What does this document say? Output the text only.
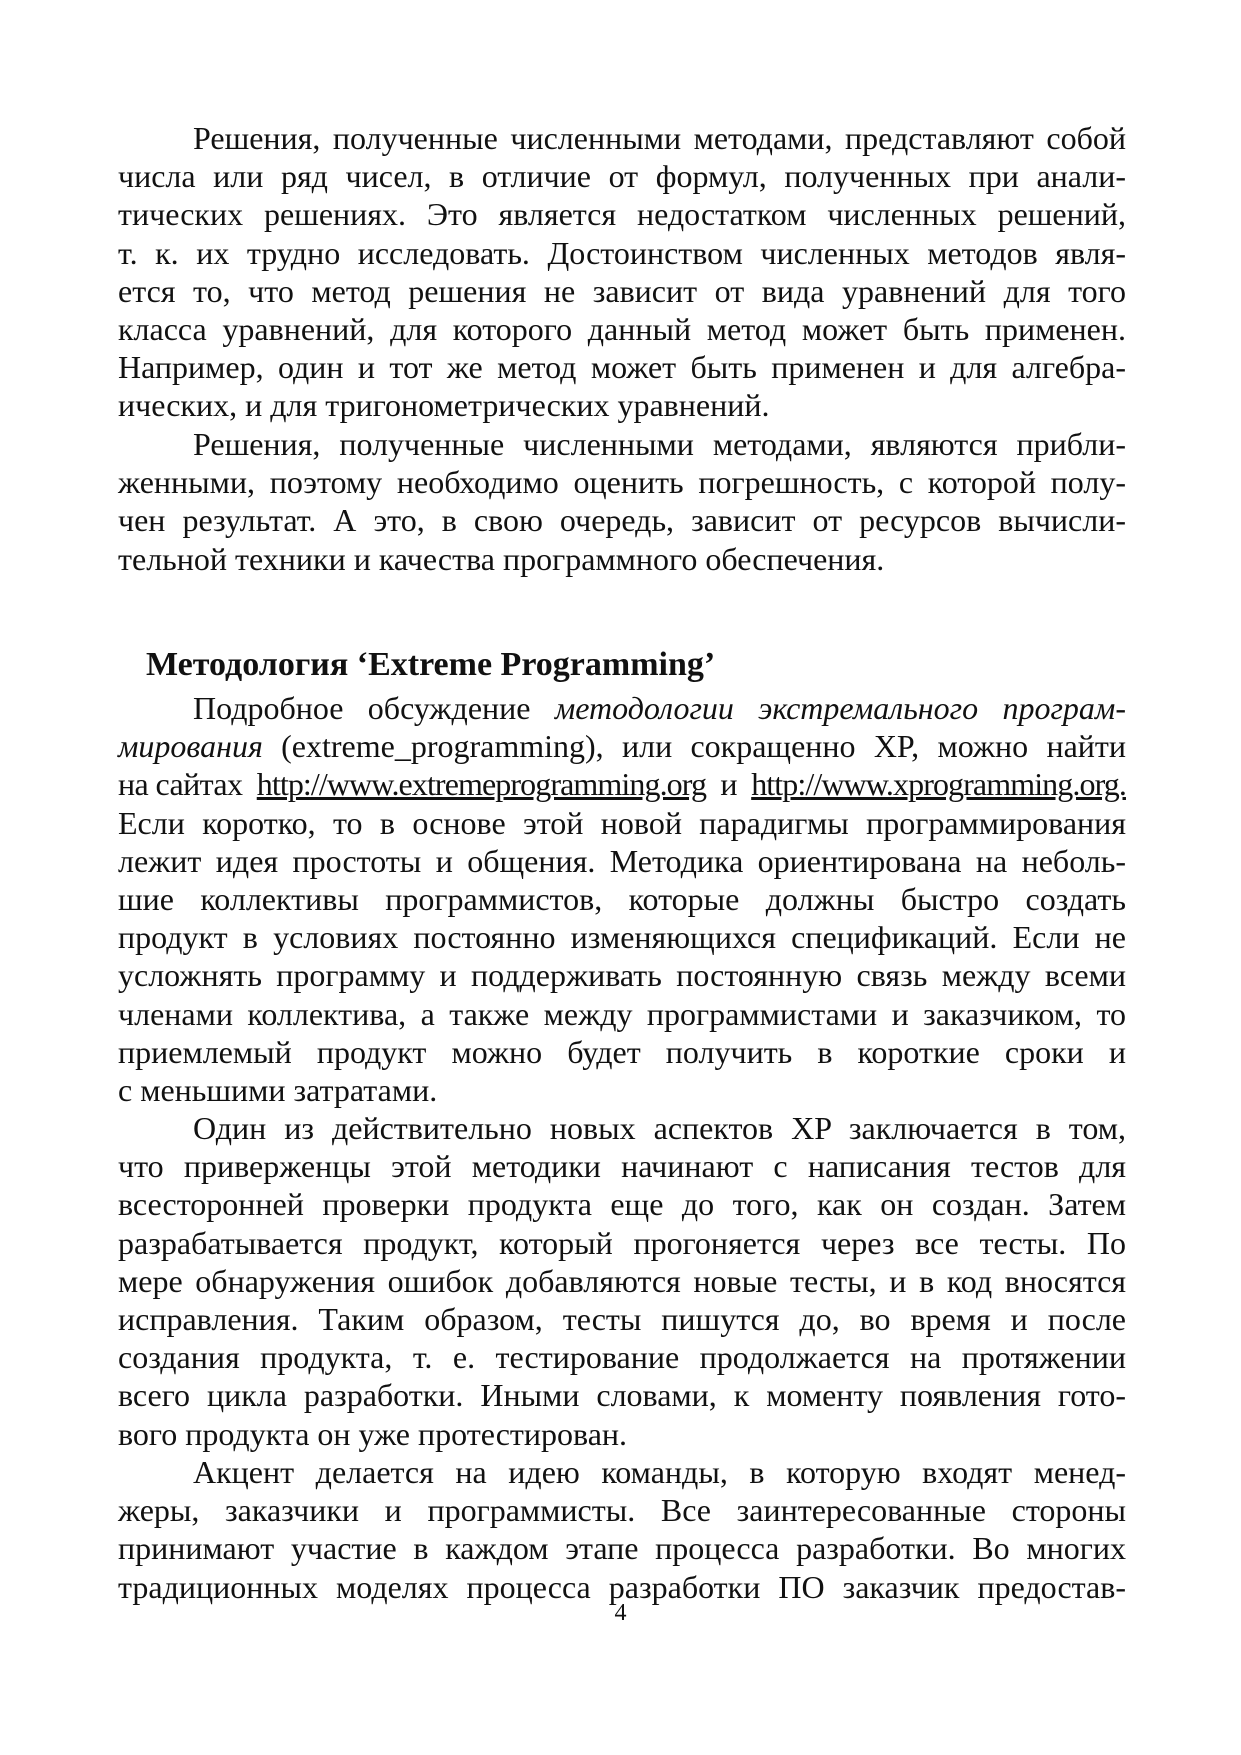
Решения, полученные численными методами, представляют собой
числа или ряд чисел, в отличие от формул, полученных при анали-
тических решениях. Это является недостатком численных решений,
т. к. их трудно исследовать. Достоинством численных методов явля-
ется то, что метод решения не зависит от вида уравнений для того
класса уравнений, для которого данный метод может быть применен.
Например, один и тот же метод может быть применен и для алгебра-
ических, и для тригонометрических уравнений.
Решения, полученные численными методами, являются прибли-
женными, поэтому необходимо оценить погрешность, с которой полу-
чен результат. А это, в свою очередь, зависит от ресурсов вычисли-
тельной техники и качества программного обеспечения.
Методология ‘Extreme Programming’
Подробное обсуждение методологии экстремального програм-
мирования (extreme_programming), или сокращенно XP, можно найти
на сайтах http://www.extremeprogramming.org и http://www.xprogramming.org.
Если коротко, то в основе этой новой парадигмы программирования
лежит идея простоты и общения. Методика ориентирована на неболь-
шие коллективы программистов, которые должны быстро создать
продукт в условиях постоянно изменяющихся спецификаций. Если не
усложнять программу и поддерживать постоянную связь между всеми
членами коллектива, а также между программистами и заказчиком, то
приемлемый продукт можно будет получить в короткие сроки и
с меньшими затратами.
Один из действительно новых аспектов XP заключается в том,
что приверженцы этой методики начинают с написания тестов для
всесторонней проверки продукта еще до того, как он создан. Затем
разрабатывается продукт, который прогоняется через все тесты. По
мере обнаружения ошибок добавляются новые тесты, и в код вносятся
исправления. Таким образом, тесты пишутся до, во время и после
создания продукта, т. е. тестирование продолжается на протяжении
всего цикла разработки. Иными словами, к моменту появления гото-
вого продукта он уже протестирован.
Акцент делается на идею команды, в которую входят менед-
жеры, заказчики и программисты. Все заинтересованные стороны
принимают участие в каждом этапе процесса разработки. Во многих
традиционных моделях процесса разработки ПО заказчик предостав-
4
